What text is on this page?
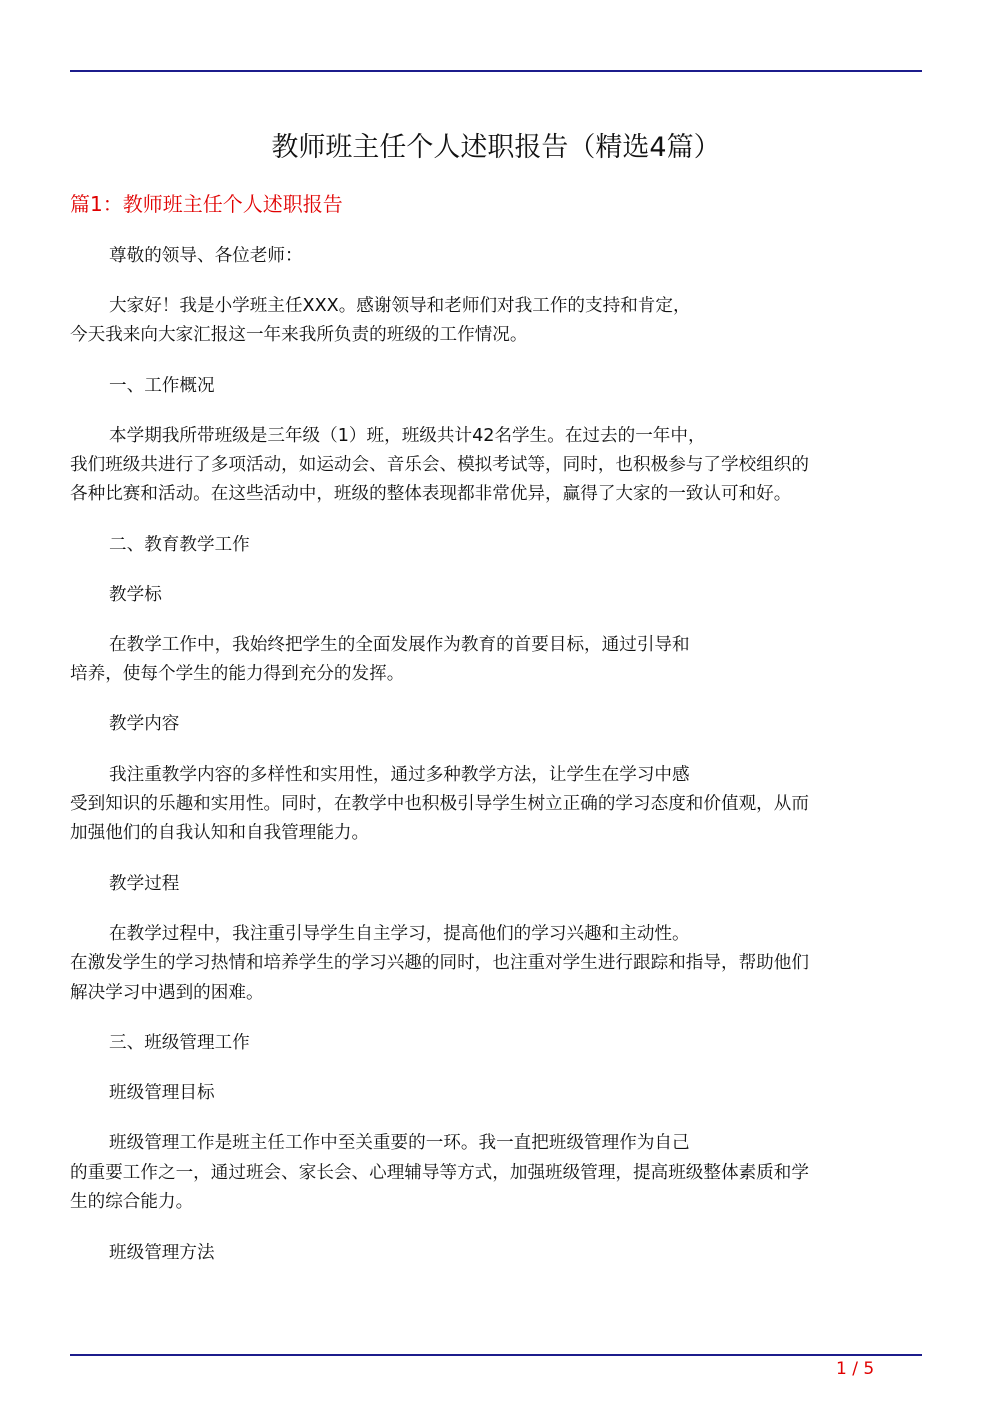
教师班主任个人述职报告（精选4篇）
篇1：教师班主任个人述职报告
尊敬的领导、各位老师：
大家好！我是小学班主任XXX。感谢领导和老师们对我工作的支持和肯定，
今天我来向大家汇报这一年来我所负责的班级的工作情况。
一、工作概况
本学期我所带班级是三年级（1）班，班级共计42名学生。在过去的一年中，
我们班级共进行了多项活动，如运动会、音乐会、模拟考试等，同时，也积极参与了学校组织的
各种比赛和活动。在这些活动中，班级的整体表现都非常优异，赢得了大家的一致认可和好。
二、教育教学工作
教学标
在教学工作中，我始终把学生的全面发展作为教育的首要目标，通过引导和
培养，使每个学生的能力得到充分的发挥。
教学内容
我注重教学内容的多样性和实用性，通过多种教学方法，让学生在学习中感
受到知识的乐趣和实用性。同时，在教学中也积极引导学生树立正确的学习态度和价值观，从而
加强他们的自我认知和自我管理能力。
教学过程
在教学过程中，我注重引导学生自主学习，提高他们的学习兴趣和主动性。
在激发学生的学习热情和培养学生的学习兴趣的同时，也注重对学生进行跟踪和指导，帮助他们
解决学习中遇到的困难。
三、班级管理工作
班级管理目标
班级管理工作是班主任工作中至关重要的一环。我一直把班级管理作为自己
的重要工作之一，通过班会、家长会、心理辅导等方式，加强班级管理，提高班级整体素质和学
生的综合能力。
班级管理方法
1 / 5
